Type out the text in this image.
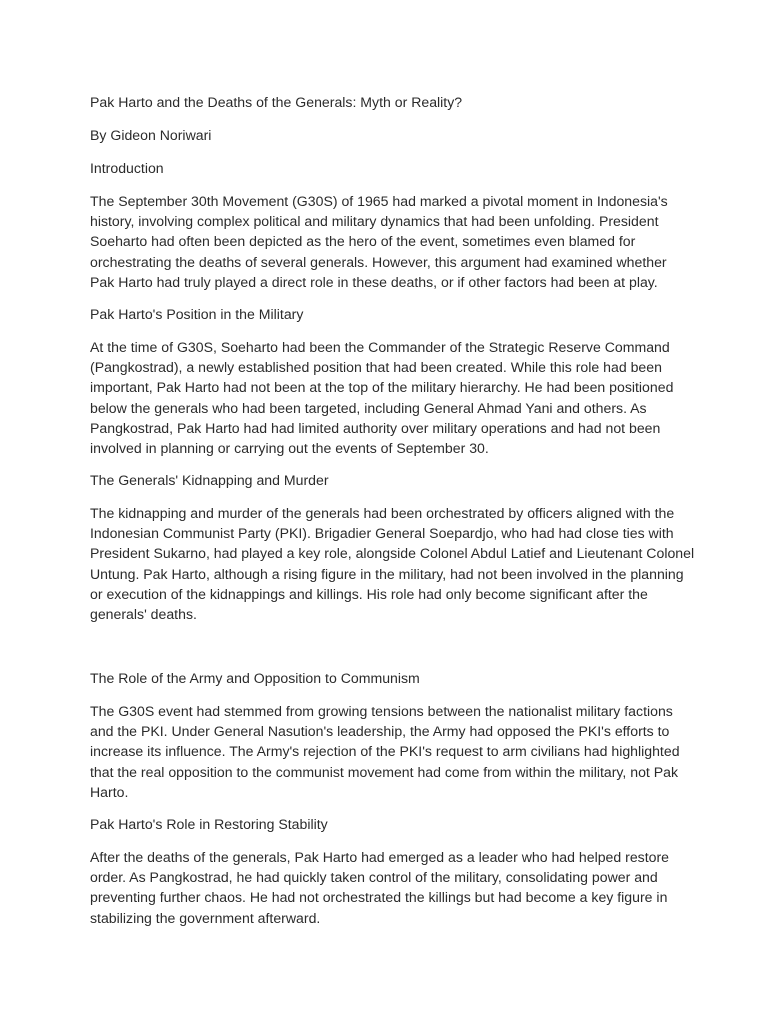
Pak Harto and the Deaths of the Generals: Myth or Reality?

By Gideon Noriwari

Introduction

The September 30th Movement (G30S) of 1965 had marked a pivotal moment in Indonesia's
history, involving complex political and military dynamics that had been unfolding. President
Soeharto had often been depicted as the hero of the event, sometimes even blamed for
orchestrating the deaths of several generals. However, this argument had examined whether
Pak Harto had truly played a direct role in these deaths, or if other factors had been at play.

Pak Harto's Position in the Military

At the time of G30S, Soeharto had been the Commander of the Strategic Reserve Command
(Pangkostrad), a newly established position that had been created. While this role had been
important, Pak Harto had not been at the top of the military hierarchy. He had been positioned
below the generals who had been targeted, including General Ahmad Yani and others. As
Pangkostrad, Pak Harto had had limited authority over military operations and had not been
involved in planning or carrying out the events of September 30.

The Generals' Kidnapping and Murder

The kidnapping and murder of the generals had been orchestrated by officers aligned with the
Indonesian Communist Party (PKI). Brigadier General Soepardjo, who had had close ties with
President Sukarno, had played a key role, alongside Colonel Abdul Latief and Lieutenant Colonel
Untung. Pak Harto, although a rising figure in the military, had not been involved in the planning
or execution of the kidnappings and killings. His role had only become significant after the
generals' deaths.

The Role of the Army and Opposition to Communism

The G30S event had stemmed from growing tensions between the nationalist military factions
and the PKI. Under General Nasution's leadership, the Army had opposed the PKI's efforts to
increase its influence. The Army's rejection of the PKI's request to arm civilians had highlighted
that the real opposition to the communist movement had come from within the military, not Pak
Harto.

Pak Harto's Role in Restoring Stability

After the deaths of the generals, Pak Harto had emerged as a leader who had helped restore
order. As Pangkostrad, he had quickly taken control of the military, consolidating power and
preventing further chaos. He had not orchestrated the killings but had become a key figure in
stabilizing the government afterward.
